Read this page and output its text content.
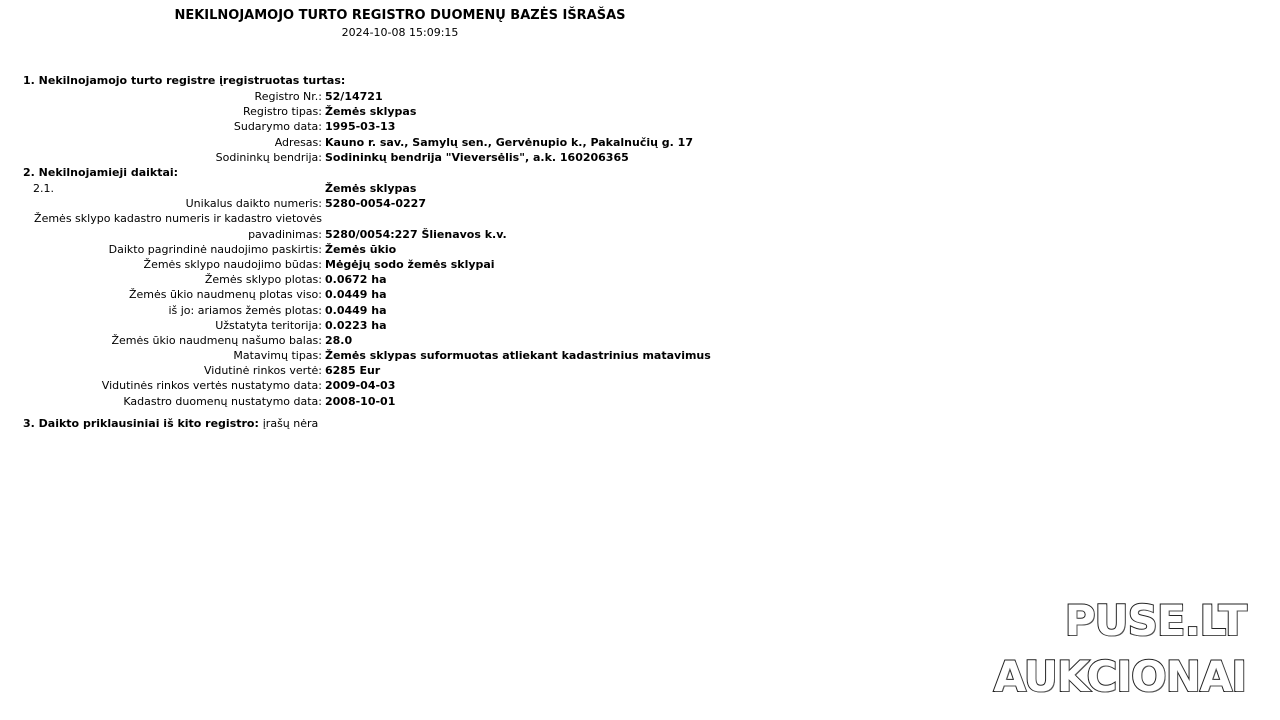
NEKILNOJAMOJO TURTO REGISTRO DUOMENŲ BAZĖS IŠRAŠAS
2024-10-08 15:09:15
1. Nekilnojamojo turto registre įregistruotas turtas:
Registro Nr.: 52/14721
Registro tipas: Žemės sklypas
Sudarymo data: 1995-03-13
Adresas: Kauno r. sav., Samylų sen., Gervėnupio k., Pakalnučių g. 17
Sodininkų bendrija: Sodininkų bendrija "Vieversėlis", a.k. 160206365
2. Nekilnojamieji daiktai:
2.1.	Žemės sklypas
Unikalus daikto numeris: 5280-0054-0227
Žemės sklypo kadastro numeris ir kadastro vietovės
pavadinimas: 5280/0054:227 Šlienavos k.v.
Daikto pagrindinė naudojimo paskirtis: Žemės ūkio
Žemės sklypo naudojimo būdas: Mėgėjų sodo žemės sklypai
Žemės sklypo plotas: 0.0672 ha
Žemės ūkio naudmenų plotas viso: 0.0449 ha
iš jo: ariamos žemės plotas: 0.0449 ha
Užstatyta teritorija: 0.0223 ha
Žemės ūkio naudmenų našumo balas: 28.0
Matavimų tipas: Žemės sklypas suformuotas atliekant kadastrinius matavimus
Vidutinė rinkos vertė: 6285 Eur
Vidutinės rinkos vertės nustatymo data: 2009-04-03
Kadastro duomenų nustatymo data: 2008-10-01
3. Daikto priklausiniai iš kito registro: įrašų nėra
PUSE.LT
AUKCIONAI
